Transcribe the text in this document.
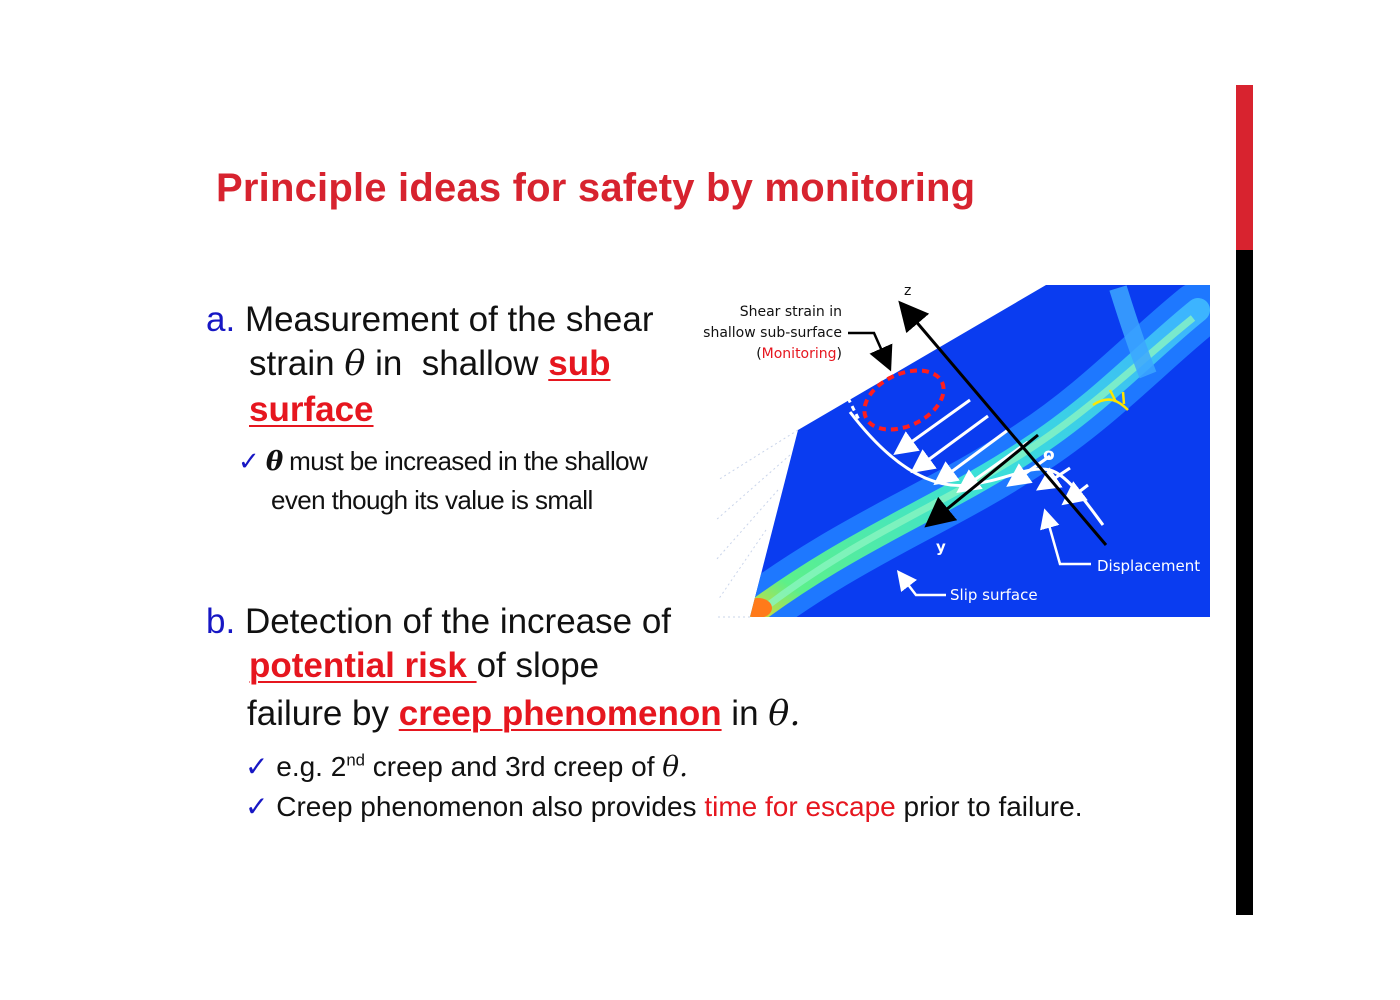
Principle ideas for safety by monitoring
a. Measurement of the shear
strain θ in  shallow sub
surface
✓ θ must be increased in the shallow
even though its value is small
b. Detection of the increase of
potential risk of slope
failure by creep phenomenon in θ.
✓ e.g. 2nd creep and 3rd creep of θ.
✓ Creep phenomenon also provides time for escape prior to failure.
z
Shear strain in
shallow sub-surface
(Monitoring)
o
y
Displacement
Slip surface
